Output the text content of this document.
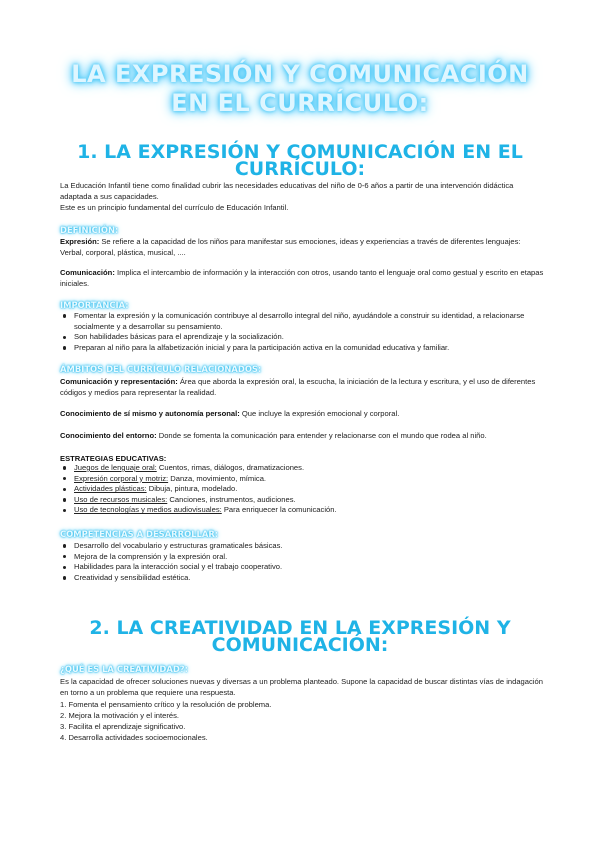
LA EXPRESIÓN Y COMUNICACIÓN EN EL CURRÍCULO:
1. LA EXPRESIÓN Y COMUNICACIÓN EN EL CURRÍCULO:

La Educación Infantil tiene como finalidad cubrir las necesidades educativas del niño de 0-6 años a partir de una intervención didáctica adaptada a sus capacidades.

Este es un principio fundamental del currículo de Educación Infantil.

DEFINICIÓN:

Expresión: Se refiere a la capacidad de los niños para manifestar sus emociones, ideas y experiencias a través de diferentes lenguajes: Verbal, corporal, plástica, musical, ....

Comunicación: Implica el intercambio de información y la interacción con otros, usando tanto el lenguaje oral como gestual y escrito en etapas iniciales.

IMPORTANCIA:
Fomentar la expresión y la comunicación contribuye al desarrollo integral del niño, ayudándole a construir su identidad, a relacionarse socialmente y a desarrollar su pensamiento.
Son habilidades básicas para el aprendizaje y la socialización.
Preparan al niño para la alfabetización inicial y para la participación activa en la comunidad educativa y familiar.
ÁMBITOS DEL CURRÍCULO RELACIONADOS:

Comunicación y representación: Área que aborda la expresión oral, la escucha, la iniciación de la lectura y escritura, y el uso de diferentes códigos y medios para representar la realidad.

Conocimiento de sí mismo y autonomía personal: Que incluye la expresión emocional y corporal.

Conocimiento del entorno: Donde se fomenta la comunicación para entender y relacionarse con el mundo que rodea al niño.

ESTRATEGIAS EDUCATIVAS:

Juegos de lenguaje oral: Cuentos, rimas, diálogos, dramatizaciones.
Expresión corporal y motriz: Danza, movimiento, mímica.
Actividades plásticas: Dibuja, pintura, modelado.
Uso de recursos musicales: Canciones, instrumentos, audiciones.
Uso de tecnologías y medios audiovisuales: Para enriquecer la comunicación.
COMPETENCIAS A DESARROLLAR:
Desarrollo del vocabulario y estructuras gramaticales básicas.
Mejora de la comprensión y la expresión oral.
Habilidades para la interacción social y el trabajo cooperativo.
Creatividad y sensibilidad estética.
2. LA CREATIVIDAD EN LA EXPRESIÓN Y COMUNICACIÓN:
¿QUÉ ES LA CREATIVIDAD?:

Es la capacidad de ofrecer soluciones nuevas y diversas a un problema planteado. Supone la capacidad de buscar distintas vías de indagación en torno a un problema que requiere una respuesta.

1. Fomenta el pensamiento crítico y la resolución de problema.

2. Mejora la motivación y el interés.

3. Facilita el aprendizaje significativo.

4. Desarrolla actividades socioemocionales.
